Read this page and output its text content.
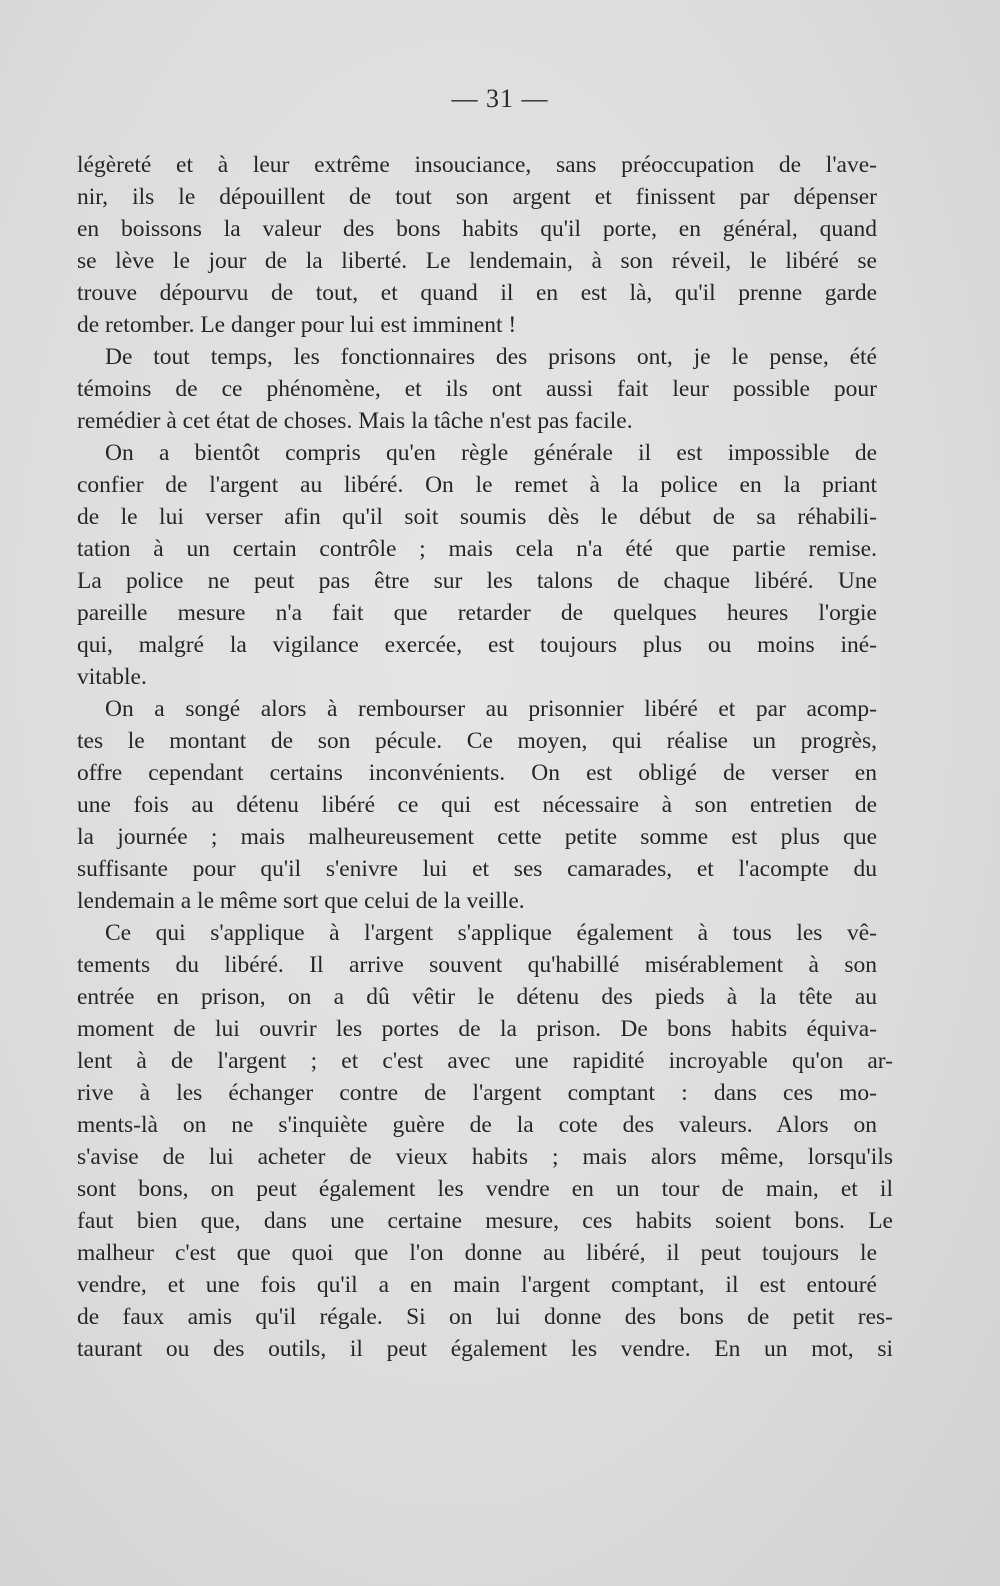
— 31 —
légèreté et à leur extrême insouciance, sans préoccupation de l'ave-
nir, ils le dépouillent de tout son argent et finissent par dépenser
en boissons la valeur des bons habits qu'il porte, en général, quand
se lève le jour de la liberté. Le lendemain, à son réveil, le libéré se
trouve dépourvu de tout, et quand il en est là, qu'il prenne garde
de retomber. Le danger pour lui est imminent !
De tout temps, les fonctionnaires des prisons ont, je le pense, été
témoins de ce phénomène, et ils ont aussi fait leur possible pour
remédier à cet état de choses. Mais la tâche n'est pas facile.
On a bientôt compris qu'en règle générale il est impossible de
confier de l'argent au libéré. On le remet à la police en la priant
de le lui verser afin qu'il soit soumis dès le début de sa réhabili-
tation à un certain contrôle ; mais cela n'a été que partie remise.
La police ne peut pas être sur les talons de chaque libéré. Une
pareille mesure n'a fait que retarder de quelques heures l'orgie
qui, malgré la vigilance exercée, est toujours plus ou moins iné-
vitable.
On a songé alors à rembourser au prisonnier libéré et par acomp-
tes le montant de son pécule. Ce moyen, qui réalise un progrès,
offre cependant certains inconvénients. On est obligé de verser en
une fois au détenu libéré ce qui est nécessaire à son entretien de
la journée ; mais malheureusement cette petite somme est plus que
suffisante pour qu'il s'enivre lui et ses camarades, et l'acompte du
lendemain a le même sort que celui de la veille.
Ce qui s'applique à l'argent s'applique également à tous les vê-
tements du libéré. Il arrive souvent qu'habillé misérablement à son
entrée en prison, on a dû vêtir le détenu des pieds à la tête au
moment de lui ouvrir les portes de la prison. De bons habits équiva-
lent à de l'argent ; et c'est avec une rapidité incroyable qu'on ar-
rive à les échanger contre de l'argent comptant : dans ces mo-
ments-là on ne s'inquiète guère de la cote des valeurs. Alors on
s'avise de lui acheter de vieux habits ; mais alors même, lorsqu'ils
sont bons, on peut également les vendre en un tour de main, et il
faut bien que, dans une certaine mesure, ces habits soient bons. Le
malheur c'est que quoi que l'on donne au libéré, il peut toujours le
vendre, et une fois qu'il a en main l'argent comptant, il est entouré
de faux amis qu'il régale. Si on lui donne des bons de petit res-
taurant ou des outils, il peut également les vendre. En un mot, si
